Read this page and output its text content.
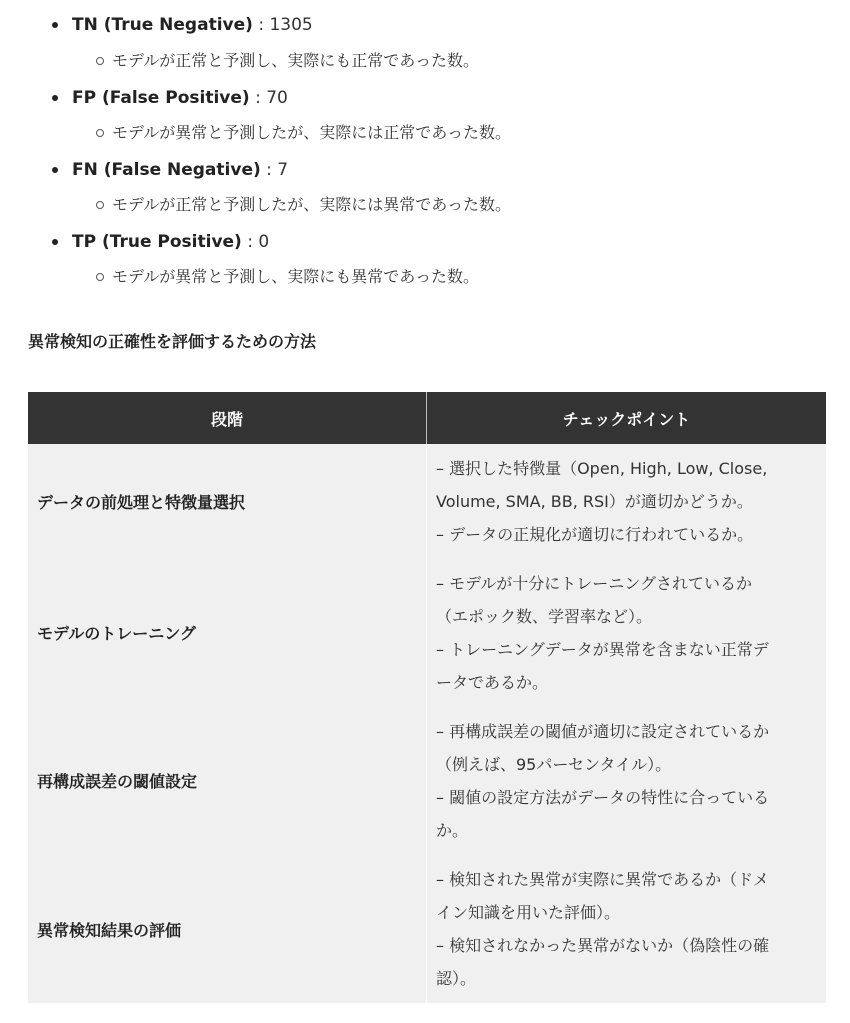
TN (True Negative) : 1305
モデルが正常と予測し、実際にも正常であった数。
FP (False Positive) : 70
モデルが異常と予測したが、実際には正常であった数。
FN (False Negative) : 7
モデルが正常と予測したが、実際には異常であった数。
TP (True Positive) : 0
モデルが異常と予測し、実際にも異常であった数。
異常検知の正確性を評価するための方法
段階	チェックポイント
データの前処理と特徴量選択	– 選択した特徴量（Open, High, Low, Close,
Volume, SMA, BB, RSI）が適切かどうか。
– データの正規化が適切に行われているか。

モデルのトレーニング	– モデルが十分にトレーニングされているか
（エポック数、学習率など）。
– トレーニングデータが異常を含まない正常デ
ータであるか。

再構成誤差の閾値設定	– 再構成誤差の閾値が適切に設定されているか
（例えば、95パーセンタイル）。
– 閾値の設定方法がデータの特性に合っている
か。

異常検知結果の評価	– 検知された異常が実際に異常であるか（ドメ
イン知識を用いた評価）。
– 検知されなかった異常がないか（偽陰性の確
認）。
